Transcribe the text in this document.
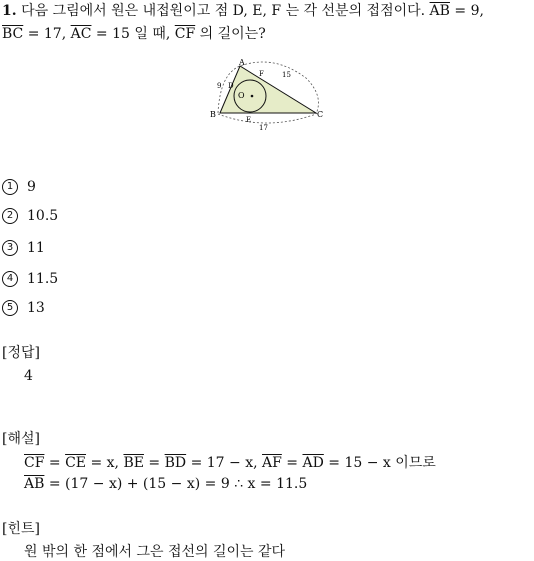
1. 다음 그림에서 원은 내접원이고 점 D, E, F 는 각 선분의 접점이다. $\overline{AB} = 9$,
$\overline{BC} = 17$, $\overline{AC} = 15$ 일 때, $\overline{CF}$ 의 길이는?
A
B	C
D
E
F
O
9
15
17
1 9
2 10.5
3 11
4 11.5
5 13
[정답]
4
[해설]
$\overline{CF} = \overline{CE} = x$, $\overline{BE} = \overline{BD} = 17 - x$, $\overline{AF} = \overline{AD} = 15 - x$ 이므로
$\overline{AB} = (17 - x) + (15 - x) = 9$ ∴ x = 11.5
[힌트]
원 밖의 한 점에서 그은 접선의 길이는 같다
